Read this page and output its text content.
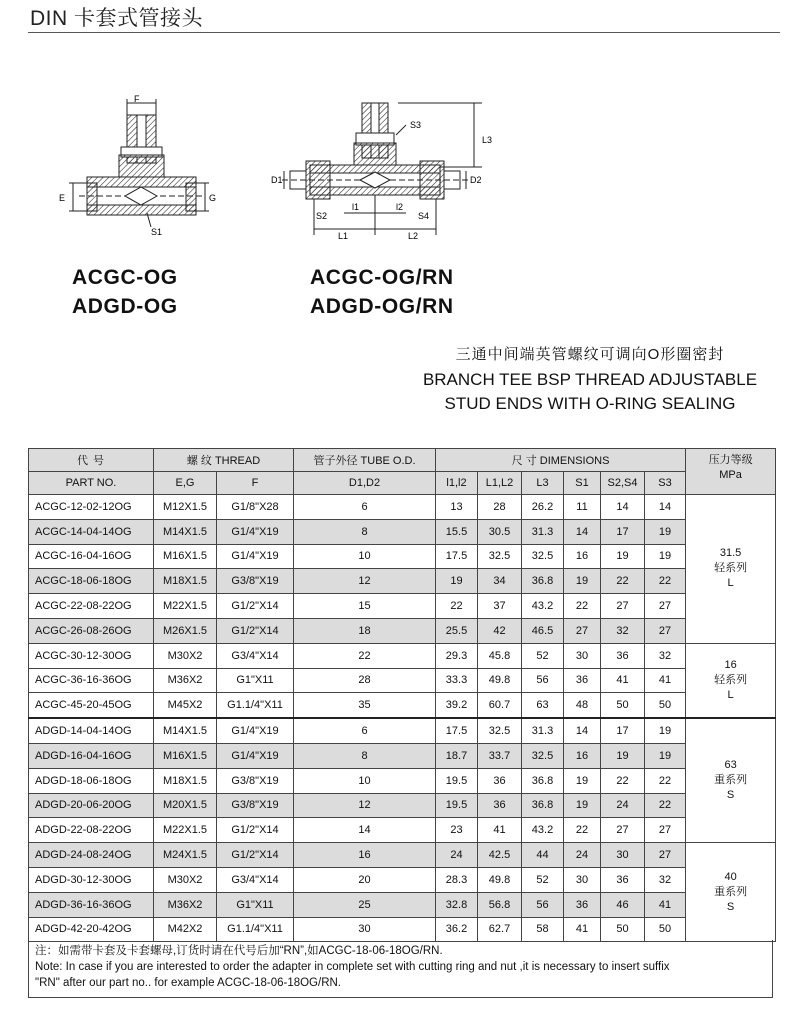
DIN 卡套式管接头
F
E	G
S1
S3
L3
D1	D2
S2
l1	l2
S4
L1	L2
ACGC-OG
ADGD-OG
ACGC-OG/RN
ADGD-OG/RN
三通中间端英管螺纹可调向O形圈密封
BRANCH TEE BSP THREAD ADJUSTABLE
STUD ENDS WITH O-RING SEALING
代 号	螺 纹 THREAD		管子外径 TUBE O.D.	尺 寸 DIMENSIONS						压力等级
MPa
PART NO.	E,G	F	D1,D2	l1,l2	L1,L2	L3	S1	S2,S4	S3	
ACGC-12-02-12OG	M12X1.5	G1/8"X28	6	13	28	26.2	11	14	14	31.5
轻系列
L

ACGC-14-04-14OG	M14X1.5	G1/4"X19	8	15.5	30.5	31.3	14	17	19	
ACGC-16-04-16OG	M16X1.5	G1/4"X19	10	17.5	32.5	32.5	16	19	19	
ACGC-18-06-18OG	M18X1.5	G3/8"X19	12	19	34	36.8	19	22	22	
ACGC-22-08-22OG	M22X1.5	G1/2"X14	15	22	37	43.2	22	27	27	
ACGC-26-08-26OG	M26X1.5	G1/2"X14	18	25.5	42	46.5	27	32	27	
ACGC-30-12-30OG	M30X2	G3/4"X14	22	29.3	45.8	52	30	36	32	16
轻系列
L

ACGC-36-16-36OG	M36X2	G1"X11	28	33.3	49.8	56	36	41	41	
ACGC-45-20-45OG	M45X2	G1.1/4"X11	35	39.2	60.7	63	48	50	50	
ADGD-14-04-14OG	M14X1.5	G1/4"X19	6	17.5	32.5	31.3	14	17	19	63
重系列
S

ADGD-16-04-16OG	M16X1.5	G1/4"X19	8	18.7	33.7	32.5	16	19	19	
ADGD-18-06-18OG	M18X1.5	G3/8"X19	10	19.5	36	36.8	19	22	22	
ADGD-20-06-20OG	M20X1.5	G3/8"X19	12	19.5	36	36.8	19	24	22	
ADGD-22-08-22OG	M22X1.5	G1/2"X14	14	23	41	43.2	22	27	27	
ADGD-24-08-24OG	M24X1.5	G1/2"X14	16	24	42.5	44	24	30	27	40
重系列
S

ADGD-30-12-30OG	M30X2	G3/4"X14	20	28.3	49.8	52	30	36	32	
ADGD-36-16-36OG	M36X2	G1"X11	25	32.8	56.8	56	36	46	41	
ADGD-42-20-42OG	M42X2	G1.1/4"X11	30	36.2	62.7	58	41	50	50	
注：如需带卡套及卡套螺母,订货时请在代号后加“RN”,如ACGC-18-06-18OG/RN.
Note: In case if you are interested to order the adapter in complete set with cutting ring and nut ,it is necessary to insert suffix
"RN" after our part no.. for example ACGC-18-06-18OG/RN.
